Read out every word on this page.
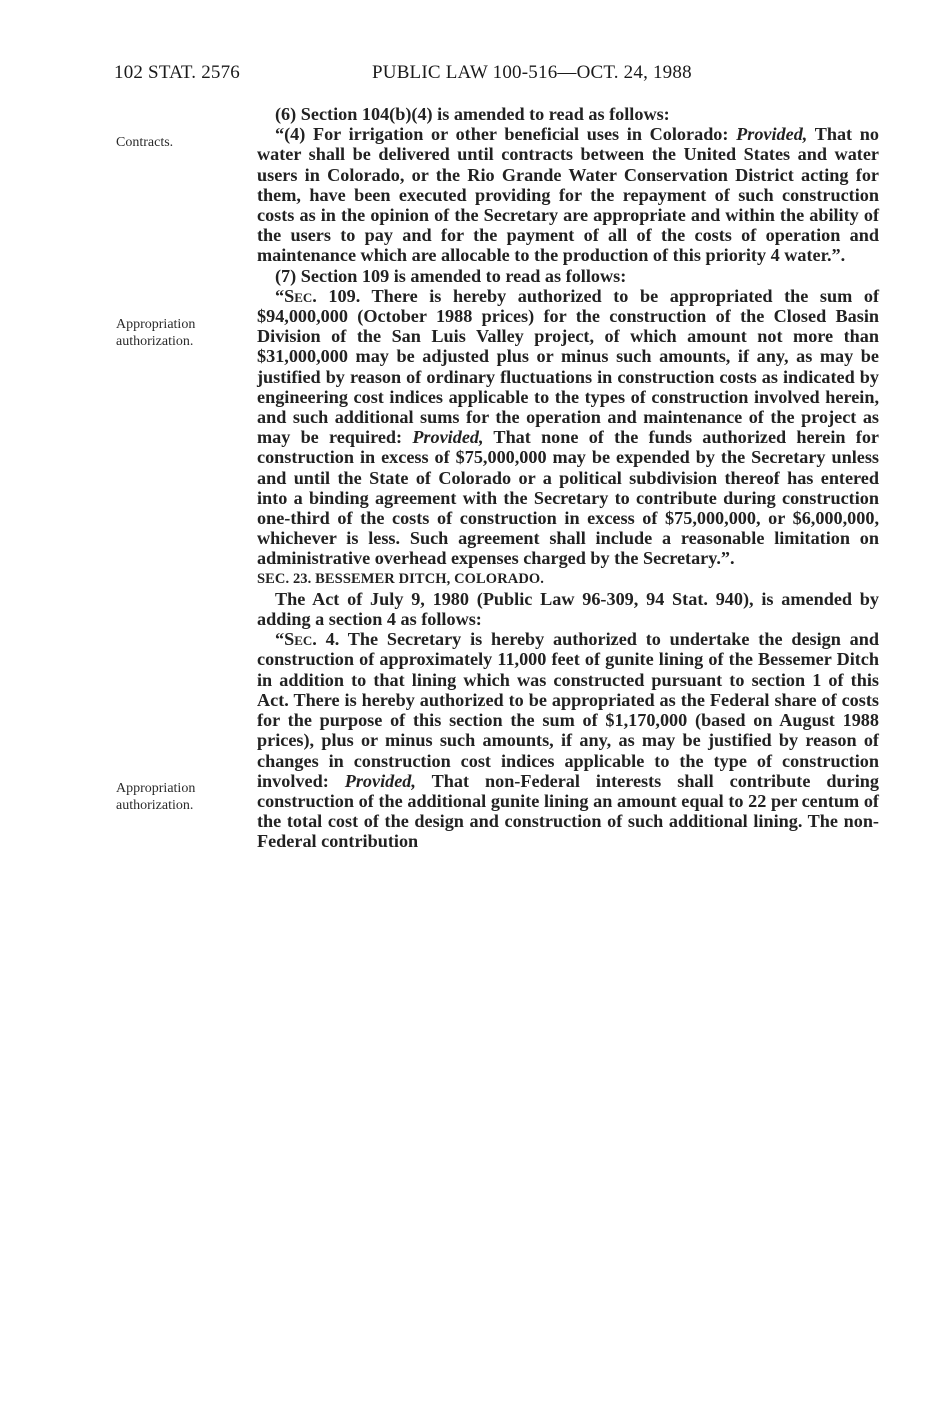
102 STAT. 2576	PUBLIC LAW 100-516—OCT. 24, 1988
Contracts.
Appropriation
authorization.
Appropriation
authorization.

(6) Section 104(b)(4) is amended to read as follows:

“(4) For irrigation or other beneficial uses in Colorado: Provided, That no water shall be delivered until contracts between the United States and water users in Colorado, or the Rio Grande Water Conservation District acting for them, have been executed providing for the repayment of such construction costs as in the opinion of the Secretary are appropriate and within the ability of the users to pay and for the payment of all of the costs of operation and maintenance which are allocable to the production of this priority 4 water.”.

(7) Section 109 is amended to read as follows:

“Sec. 109. There is hereby authorized to be appropriated the sum of $94,000,000 (October 1988 prices) for the construction of the Closed Basin Division of the San Luis Valley project, of which amount not more than $31,000,000 may be adjusted plus or minus such amounts, if any, as may be justified by reason of ordinary fluctuations in construction costs as indicated by engineering cost indices applicable to the types of construction involved herein, and such additional sums for the operation and maintenance of the project as may be required: Provided, That none of the funds authorized herein for construction in excess of $75,000,000 may be expended by the Secretary unless and until the State of Colorado or a political subdivision thereof has entered into a binding agreement with the Secretary to contribute during construction one-third of the costs of construction in excess of $75,000,000, or $6,000,000, whichever is less. Such agreement shall include a reasonable limitation on administrative overhead expenses charged by the Secretary.”.

SEC. 23. BESSEMER DITCH, COLORADO.

The Act of July 9, 1980 (Public Law 96-309, 94 Stat. 940), is amended by adding a section 4 as follows:

“Sec. 4. The Secretary is hereby authorized to undertake the design and construction of approximately 11,000 feet of gunite lining of the Bessemer Ditch in addition to that lining which was constructed pursuant to section 1 of this Act. There is hereby authorized to be appropriated as the Federal share of costs for the purpose of this section the sum of $1,170,000 (based on August 1988 prices), plus or minus such amounts, if any, as may be justified by reason of changes in construction cost indices applicable to the type of construction involved: Provided, That non-Federal interests shall contribute during construction of the additional gunite lining an amount equal to 22 per centum of the total cost of the design and construction of such additional lining. The non-Federal contribution
